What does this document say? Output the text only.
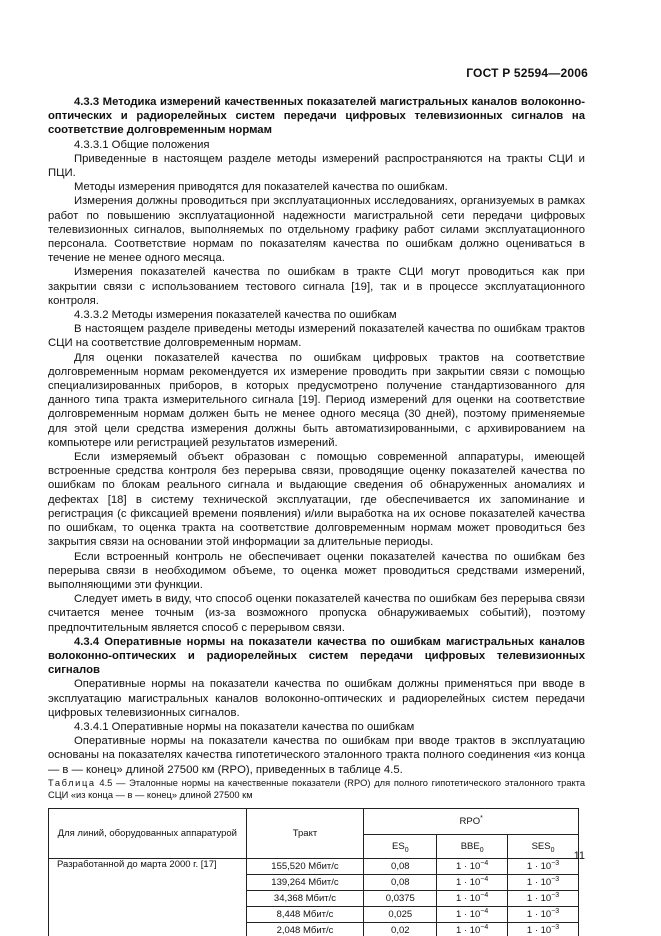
ГОСТ Р 52594—2006

4.3.3 Методика измерений качественных показателей магистральных каналов волоконно-оптических и радиорелейных систем передачи цифровых телевизионных сигналов на соответствие долговременным нормам

4.3.3.1 Общие положения

Приведенные в настоящем разделе методы измерений распространяются на тракты СЦИ и ПЦИ.

Методы измерения приводятся для показателей качества по ошибкам.

Измерения должны проводиться при эксплуатационных исследованиях, организуемых в рамках работ по повышению эксплуатационной надежности магистральной сети передачи цифровых телевизионных сигналов, выполняемых по отдельному графику работ силами эксплуатационного персонала. Соответствие нормам по показателям качества по ошибкам должно оцениваться в течение не менее одного месяца.

Измерения показателей качества по ошибкам в тракте СЦИ могут проводиться как при закрытии связи с использованием тестового сигнала [19], так и в процессе эксплуатационного контроля.

4.3.3.2 Методы измерения показателей качества по ошибкам

В настоящем разделе приведены методы измерений показателей качества по ошибкам трактов СЦИ на соответствие долговременным нормам.

Для оценки показателей качества по ошибкам цифровых трактов на соответствие долговременным нормам рекомендуется их измерение проводить при закрытии связи с помощью специализированных приборов, в которых предусмотрено получение стандартизованного для данного типа тракта измерительного сигнала [19]. Период измерений для оценки на соответствие долговременным нормам должен быть не менее одного месяца (30 дней), поэтому применяемые для этой цели средства измерения должны быть автоматизированными, с архивированием на компьютере или регистрацией результатов измерений.

Если измеряемый объект образован с помощью современной аппаратуры, имеющей встроенные средства контроля без перерыва связи, проводящие оценку показателей качества по ошибкам по блокам реального сигнала и выдающие сведения об обнаруженных аномалиях и дефектах [18] в систему технической эксплуатации, где обеспечивается их запоминание и регистрация (с фиксацией времени появления) и/или выработка на их основе показателей качества по ошибкам, то оценка тракта на соответствие долговременным нормам может проводиться без закрытия связи на основании этой информации за длительные периоды.

Если встроенный контроль не обеспечивает оценки показателей качества по ошибкам без перерыва связи в необходимом объеме, то оценка может проводиться средствами измерений, выполняющими эти функции.

Следует иметь в виду, что способ оценки показателей качества по ошибкам без перерыва связи считается менее точным (из-за возможного пропуска обнаруживаемых событий), поэтому предпочтительным является способ с перерывом связи.

4.3.4 Оперативные нормы на показатели качества по ошибкам магистральных каналов волоконно-оптических и радиорелейных систем передачи цифровых телевизионных сигналов

Оперативные нормы на показатели качества по ошибкам должны применяться при вводе в эксплуатацию магистральных каналов волоконно-оптических и радиорелейных систем передачи цифровых телевизионных сигналов.

4.3.4.1 Оперативные нормы на показатели качества по ошибкам

Оперативные нормы на показатели качества по ошибкам при вводе трактов в эксплуатацию основаны на показателях качества гипотетического эталонного тракта полного соединения «из конца — в — конец» длиной 27500 км (RPO), приведенных в таблице 4.5.

Таблица 4.5 — Эталонные нормы на качественные показатели (RPO) для полного гипотетического эталонного тракта СЦИ «из конца — в — конец» длиной 27500 км

Для линий, оборудованных аппаратурой	Тракт	RPO*
		$ES_0$	$BBE_0$	$SES_0$
Разработанной до марта 2000 г. [17]	155,520 Мбит/с	0,08	$1 \cdot 10^{-4}$	$1 \cdot 10^{-3}$
	139,264 Мбит/с	0,08	$1 \cdot 10^{-4}$	$1 \cdot 10^{-3}$
	34,368 Мбит/с	0,0375	$1 \cdot 10^{-4}$	$1 \cdot 10^{-3}$
	8,448 Мбит/с	0,025	$1 \cdot 10^{-4}$	$1 \cdot 10^{-3}$
	2,048 Мбит/с	0,02	$1 \cdot 10^{-4}$	$1 \cdot 10^{-3}$
11
